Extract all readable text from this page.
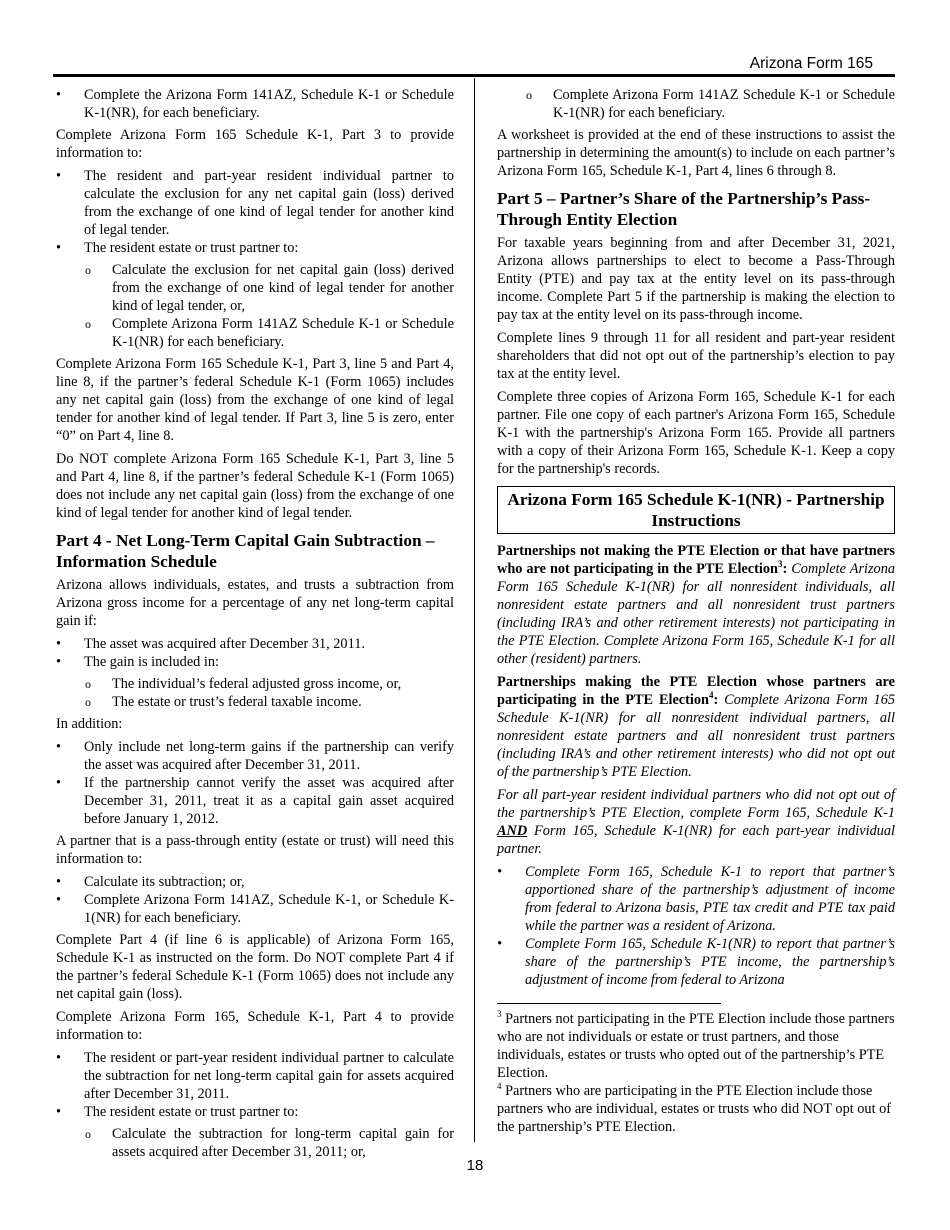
Arizona Form 165
• Complete the Arizona Form 141AZ, Schedule K-1 or Schedule K-1(NR), for each beneficiary.

Complete Arizona Form 165 Schedule K-1, Part 3 to provide information to:

• The resident and part-year resident individual partner to calculate the exclusion for any net capital gain (loss) derived from the exchange of one kind of legal tender for another kind of legal tender.
• The resident estate or trust partner to:
o Calculate the exclusion for net capital gain (loss) derived from the exchange of one kind of legal tender for another kind of legal tender, or,
o Complete Arizona Form 141AZ Schedule K-1 or Schedule K-1(NR) for each beneficiary.

Complete Arizona Form 165 Schedule K-1, Part 3, line 5 and Part 4, line 8, if the partner’s federal Schedule K-1 (Form 1065) includes any net capital gain (loss) from the exchange of one kind of legal tender for another kind of legal tender. If Part 3, line 5 is zero, enter “0” on Part 4, line 8.

Do NOT complete Arizona Form 165 Schedule K-1, Part 3, line 5 and Part 4, line 8, if the partner’s federal Schedule K-1 (Form 1065) does not include any net capital gain (loss) from the exchange of one kind of legal tender for another kind of legal tender.

Part 4 - Net Long-Term Capital Gain Subtraction – Information Schedule

Arizona allows individuals, estates, and trusts a subtraction from Arizona gross income for a percentage of any net long-term capital gain if:

• The asset was acquired after December 31, 2011.
• The gain is included in:
o The individual’s federal adjusted gross income, or,
o The estate or trust’s federal taxable income.

In addition:

• Only include net long-term gains if the partnership can verify the asset was acquired after December 31, 2011.
• If the partnership cannot verify the asset was acquired after December 31, 2011, treat it as a capital gain asset acquired before January 1, 2012.

A partner that is a pass-through entity (estate or trust) will need this information to:

• Calculate its subtraction; or,
• Complete Arizona Form 141AZ, Schedule K-1, or Schedule K-1(NR) for each beneficiary.

Complete Part 4 (if line 6 is applicable) of Arizona Form 165, Schedule K-1 as instructed on the form. Do NOT complete Part 4 if the partner’s federal Schedule K-1 (Form 1065) does not include any net capital gain (loss).

Complete Arizona Form 165, Schedule K-1, Part 4 to provide information to:

• The resident or part-year resident individual partner to calculate the subtraction for net long-term capital gain for assets acquired after December 31, 2011.
• The resident estate or trust partner to:
o Calculate the subtraction for long-term capital gain for assets acquired after December 31, 2011; or,
o Complete Arizona Form 141AZ Schedule K-1 or Schedule K-1(NR) for each beneficiary.

A worksheet is provided at the end of these instructions to assist the partnership in determining the amount(s) to include on each partner’s Arizona Form 165, Schedule K-1, Part 4, lines 6 through 8.

Part 5 – Partner’s Share of the Partnership’s Pass-Through Entity Election

For taxable years beginning from and after December 31, 2021, Arizona allows partnerships to elect to become a Pass-Through Entity (PTE) and pay tax at the entity level on its pass-through income. Complete Part 5 if the partnership is making the election to pay tax at the entity level on its pass-through income.

Complete lines 9 through 11 for all resident and part-year resident shareholders that did not opt out of the partnership’s election to pay tax at the entity level.

Complete three copies of Arizona Form 165, Schedule K-1 for each partner. File one copy of each partner's Arizona Form 165, Schedule K-1 with the partnership's Arizona Form 165. Provide all partners with a copy of their Arizona Form 165, Schedule K-1. Keep a copy for the partnership's records.

Arizona Form 165 Schedule K-1(NR) - Partnership Instructions

Partnerships not making the PTE Election or that have partners who are not participating in the PTE Election$^3$: Complete Arizona Form 165 Schedule K-1(NR) for all nonresident individuals, all nonresident estate partners and all nonresident trust partners (including IRA’s and other retirement interests) not participating in the PTE Election. Complete Arizona Form 165, Schedule K-1 for all other (resident) partners.

Partnerships making the PTE Election whose partners are participating in the PTE Election$^4$: Complete Arizona Form 165 Schedule K-1(NR) for all nonresident individual partners, all nonresident estate partners and all nonresident trust partners (including IRA’s and other retirement interests) who did not opt out of the partnership’s PTE Election.

For all part-year resident individual partners who did not opt out of the partnership’s PTE Election, complete Form 165, Schedule K-1 AND Form 165, Schedule K-1(NR) for each part-year individual partner.

• Complete Form 165, Schedule K-1 to report that partner’s apportioned share of the partnership’s adjustment of income from federal to Arizona basis, PTE tax credit and PTE tax paid while the partner was a resident of Arizona.
• Complete Form 165, Schedule K-1(NR) to report that partner’s share of the partnership’s PTE income, the partnership’s adjustment of income from federal to Arizona

$^3$ Partners not participating in the PTE Election include those partners who are not individuals or estate or trust partners, and those individuals, estates or trusts who opted out of the partnership’s PTE Election.

$^4$ Partners who are participating in the PTE Election include those partners who are individual, estates or trusts who did NOT opt out of the partnership’s PTE Election.

18
